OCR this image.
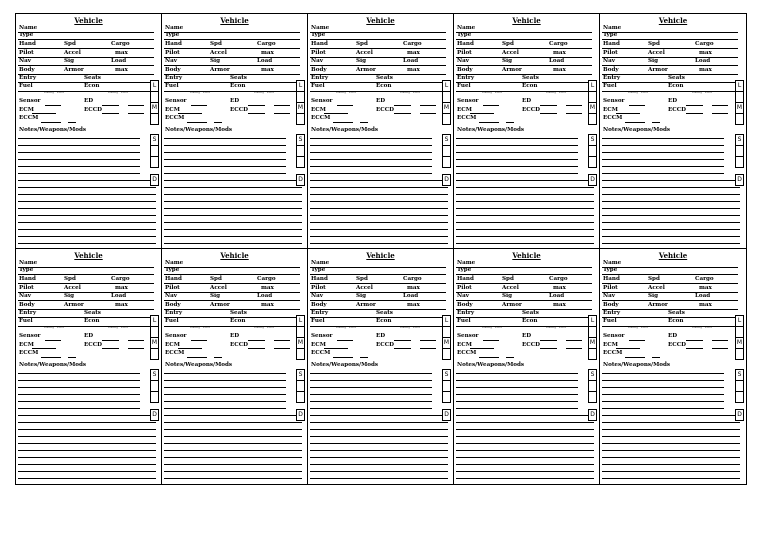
Vehicle
Name
Type
Hand	Spd	Cargo
Pilot	Accel	max
Nav	Sig	Load
Body	Armor	max
Entry	Seats
Fuel	Econ
Sensor	ED
ECM	ECCD
ECCM
Notes/Weapons/Mods
Rating Pilot	Rating Pilot
L
M
S
D
Vehicle
Name
Type
Hand	Spd	Cargo
Pilot	Accel	max
Nav	Sig	Load
Body	Armor	max
Entry	Seats
Fuel	Econ
Sensor	ED
ECM	ECCD
ECCM
Notes/Weapons/Mods
Rating Pilot	Rating Pilot
L
M
S
D
Vehicle
Name
Type
Hand	Spd	Cargo
Pilot	Accel	max
Nav	Sig	Load
Body	Armor	max
Entry	Seats
Fuel	Econ
Sensor	ED
ECM	ECCD
ECCM
Notes/Weapons/Mods
Rating Pilot	Rating Pilot
L
M
S
D
Vehicle
Name
Type
Hand	Spd	Cargo
Pilot	Accel	max
Nav	Sig	Load
Body	Armor	max
Entry	Seats
Fuel	Econ
Sensor	ED
ECM	ECCD
ECCM
Notes/Weapons/Mods
Rating Pilot	Rating Pilot
L
M
S
D
Vehicle
Name
Type
Hand	Spd	Cargo
Pilot	Accel	max
Nav	Sig	Load
Body	Armor	max
Entry	Seats
Fuel	Econ
Sensor	ED
ECM	ECCD
ECCM
Notes/Weapons/Mods
Rating Pilot	Rating Pilot
L
M
S
D
Vehicle
Name
Type
Hand	Spd	Cargo
Pilot	Accel	max
Nav	Sig	Load
Body	Armor	max
Entry	Seats
Fuel	Econ
Sensor	ED
ECM	ECCD
ECCM
Notes/Weapons/Mods
Rating Pilot	Rating Pilot
L
M
S
D
Vehicle
Name
Type
Hand	Spd	Cargo
Pilot	Accel	max
Nav	Sig	Load
Body	Armor	max
Entry	Seats
Fuel	Econ
Sensor	ED
ECM	ECCD
ECCM
Notes/Weapons/Mods
Rating Pilot	Rating Pilot
L
M
S
D
Vehicle
Name
Type
Hand	Spd	Cargo
Pilot	Accel	max
Nav	Sig	Load
Body	Armor	max
Entry	Seats
Fuel	Econ
Sensor	ED
ECM	ECCD
ECCM
Notes/Weapons/Mods
Rating Pilot	Rating Pilot
L
M
S
D
Vehicle
Name
Type
Hand	Spd	Cargo
Pilot	Accel	max
Nav	Sig	Load
Body	Armor	max
Entry	Seats
Fuel	Econ
Sensor	ED
ECM	ECCD
ECCM
Notes/Weapons/Mods
Rating Pilot	Rating Pilot
L
M
S
D
Vehicle
Name
Type
Hand	Spd	Cargo
Pilot	Accel	max
Nav	Sig	Load
Body	Armor	max
Entry	Seats
Fuel	Econ
Sensor	ED
ECM	ECCD
ECCM
Notes/Weapons/Mods
Rating Pilot	Rating Pilot
L
M
S
D
